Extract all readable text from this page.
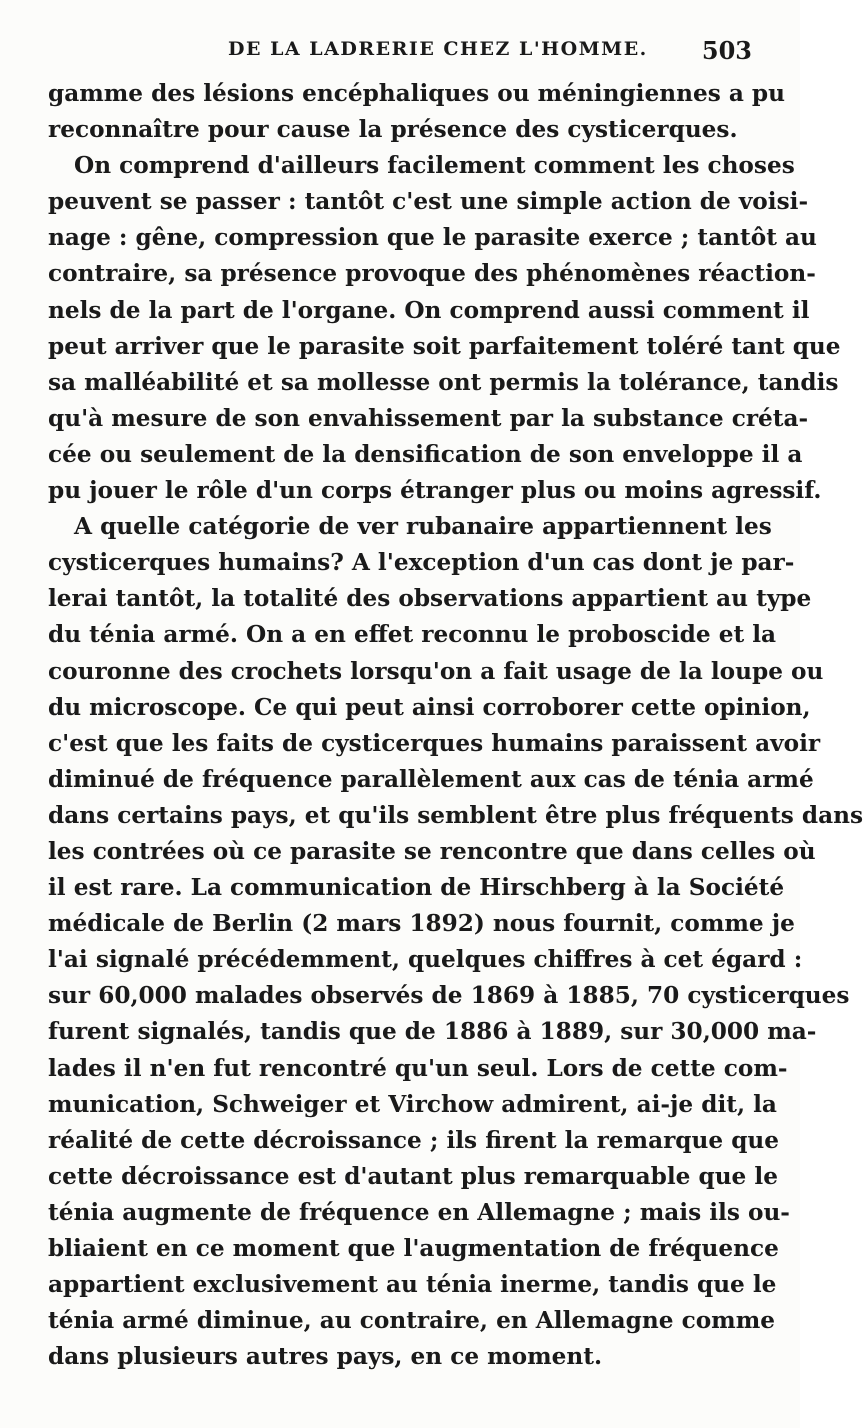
DE LA LADRERIE CHEZ L'HOMME. 503
gamme des lésions encéphaliques ou méningiennes a pu
reconnaître pour cause la présence des cysticerques.
On comprend d'ailleurs facilement comment les choses
peuvent se passer : tantôt c'est une simple action de voisi-
nage : gêne, compression que le parasite exerce ; tantôt au
contraire, sa présence provoque des phénomènes réaction-
nels de la part de l'organe. On comprend aussi comment il
peut arriver que le parasite soit parfaitement toléré tant que
sa malléabilité et sa mollesse ont permis la tolérance, tandis
qu'à mesure de son envahissement par la substance créta-
cée ou seulement de la densification de son enveloppe il a
pu jouer le rôle d'un corps étranger plus ou moins agressif.
A quelle catégorie de ver rubanaire appartiennent les
cysticerques humains? A l'exception d'un cas dont je par-
lerai tantôt, la totalité des observations appartient au type
du ténia armé. On a en effet reconnu le proboscide et la
couronne des crochets lorsqu'on a fait usage de la loupe ou
du microscope. Ce qui peut ainsi corroborer cette opinion,
c'est que les faits de cysticerques humains paraissent avoir
diminué de fréquence parallèlement aux cas de ténia armé
dans certains pays, et qu'ils semblent être plus fréquents dans
les contrées où ce parasite se rencontre que dans celles où
il est rare. La communication de Hirschberg à la Société
médicale de Berlin (2 mars 1892) nous fournit, comme je
l'ai signalé précédemment, quelques chiffres à cet égard :
sur 60,000 malades observés de 1869 à 1885, 70 cysticerques
furent signalés, tandis que de 1886 à 1889, sur 30,000 ma-
lades il n'en fut rencontré qu'un seul. Lors de cette com-
munication, Schweiger et Virchow admirent, ai-je dit, la
réalité de cette décroissance ; ils firent la remarque que
cette décroissance est d'autant plus remarquable que le
ténia augmente de fréquence en Allemagne ; mais ils ou-
bliaient en ce moment que l'augmentation de fréquence
appartient exclusivement au ténia inerme, tandis que le
ténia armé diminue, au contraire, en Allemagne comme
dans plusieurs autres pays, en ce moment.
